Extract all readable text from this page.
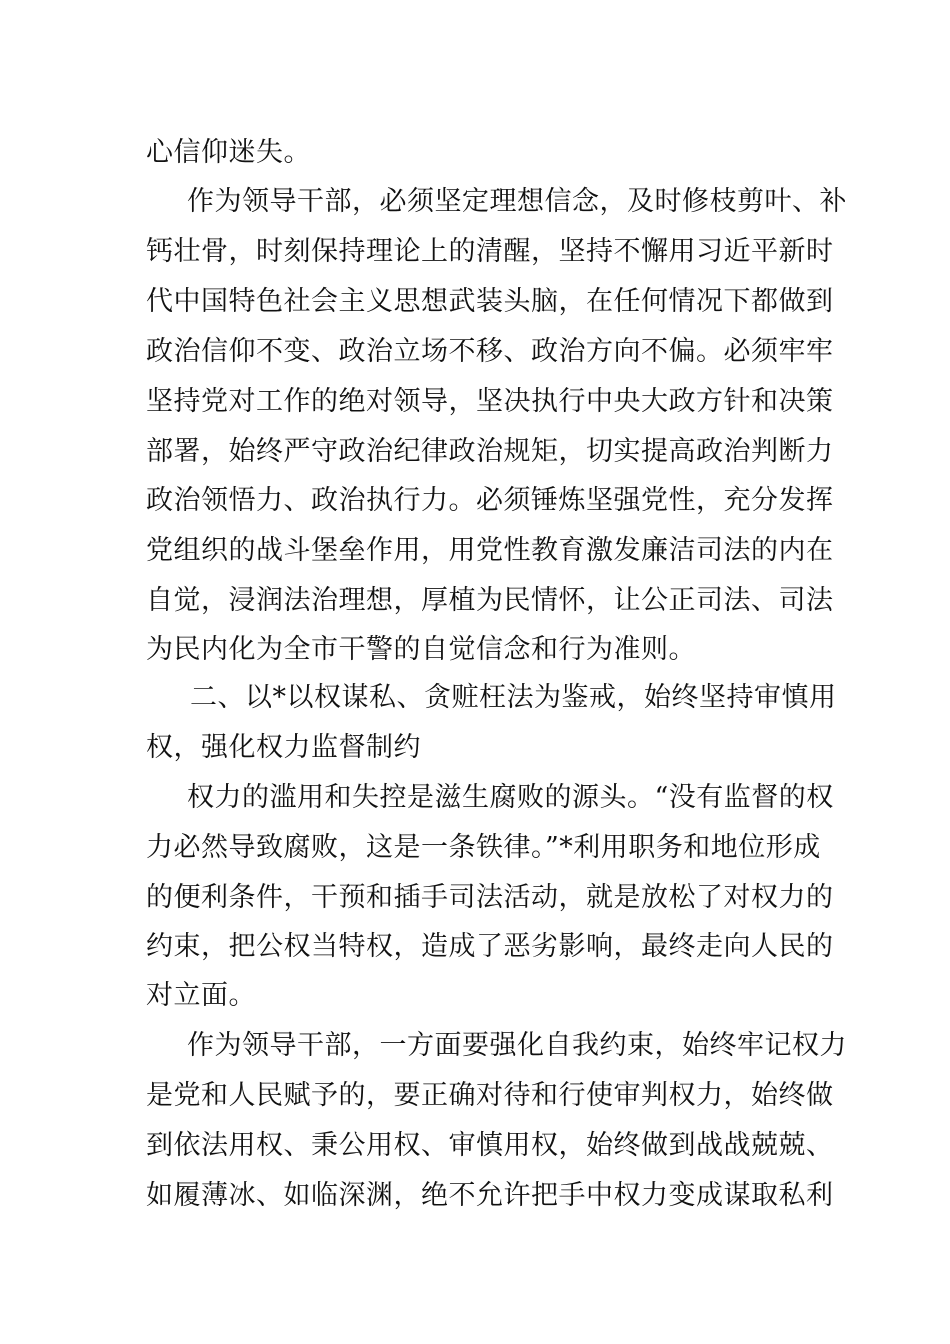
心信仰迷失。
作为领导干部，必须坚定理想信念，及时修枝剪叶、补
钙壮骨，时刻保持理论上的清醒，坚持不懈用习近平新时
代中国特色社会主义思想武装头脑，在任何情况下都做到
政治信仰不变、政治立场不移、政治方向不偏。必须牢牢
坚持党对工作的绝对领导，坚决执行中央大政方针和决策
部署，始终严守政治纪律政治规矩，切实提高政治判断力
政治领悟力、政治执行力。必须锤炼坚强党性，充分发挥
党组织的战斗堡垒作用，用党性教育激发廉洁司法的内在
自觉，浸润法治理想，厚植为民情怀，让公正司法、司法
为民内化为全市干警的自觉信念和行为准则。
二、以*以权谋私、贪赃枉法为鉴戒，始终坚持审慎用
权，强化权力监督制约
权力的滥用和失控是滋生腐败的源头。“没有监督的权
力必然导致腐败，这是一条铁律。”*利用职务和地位形成
的便利条件，干预和插手司法活动，就是放松了对权力的
约束，把公权当特权，造成了恶劣影响，最终走向人民的
对立面。
作为领导干部，一方面要强化自我约束，始终牢记权力
是党和人民赋予的，要正确对待和行使审判权力，始终做
到依法用权、秉公用权、审慎用权，始终做到战战兢兢、
如履薄冰、如临深渊，绝不允许把手中权力变成谋取私利
